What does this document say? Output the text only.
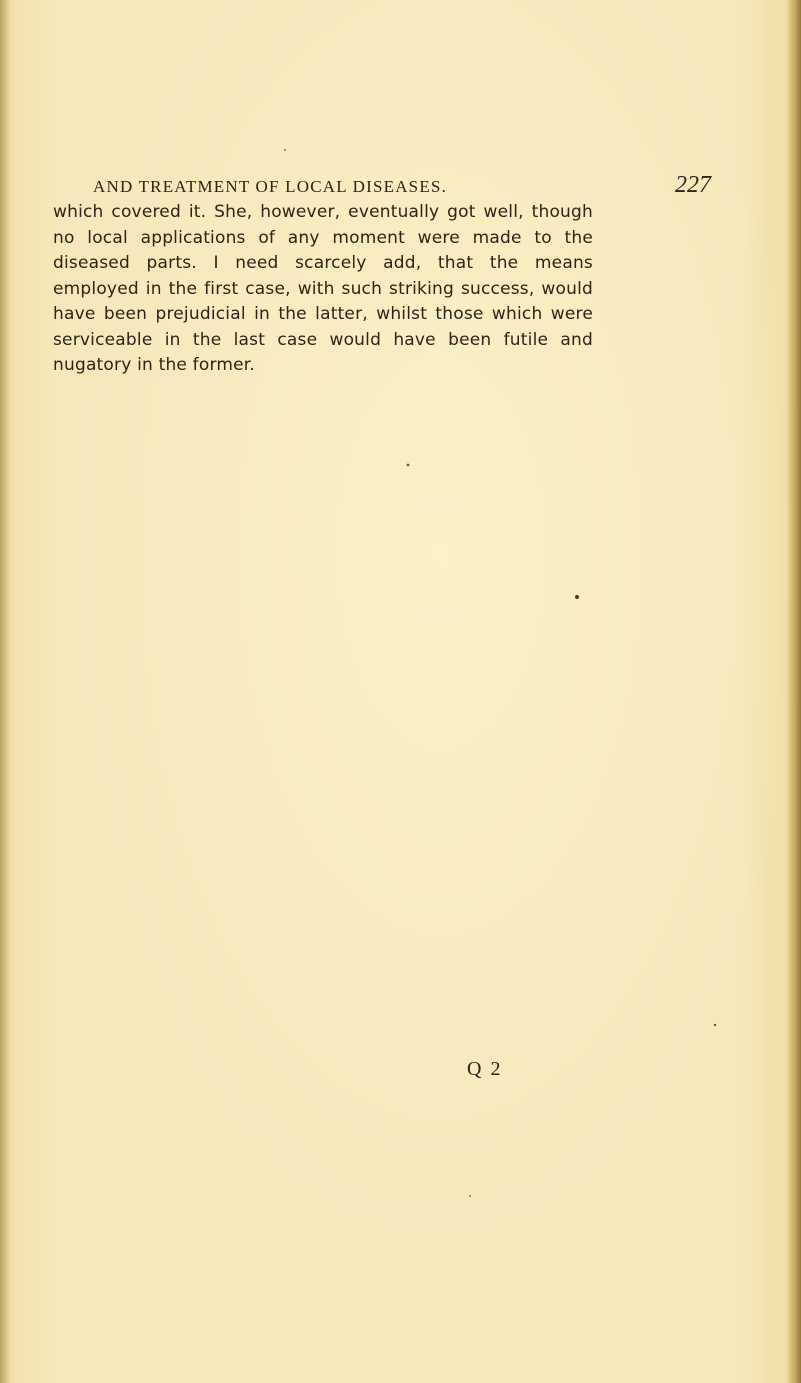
AND TREATMENT OF LOCAL DISEASES.	227

which covered it. She, however, eventually got well, though no local applications of any moment were made to the diseased parts. I need scarcely add, that the means employed in the first case, with such striking success, would have been prejudicial in the latter, whilst those which were serviceable in the last case would have been futile and nugatory in the former.

Q 2
